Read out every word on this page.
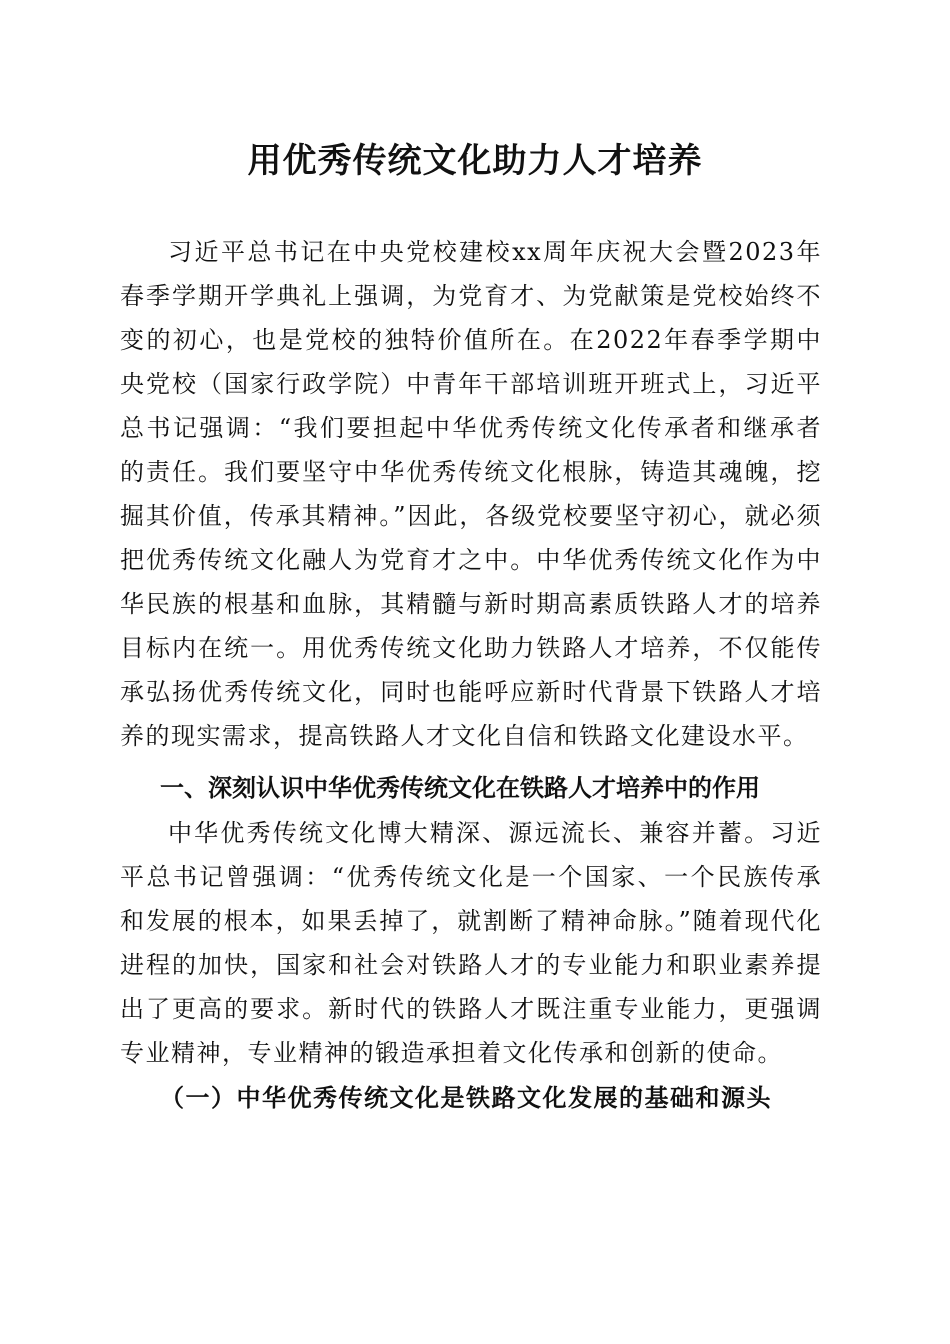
用优秀传统文化助力人才培养

习近平总书记在中央党校建校xx周年庆祝大会暨2023年春季学期开学典礼上强调，为党育才、为党献策是党校始终不变的初心，也是党校的独特价值所在。在2022年春季学期中央党校（国家行政学院）中青年干部培训班开班式上，习近平总书记强调：“我们要担起中华优秀传统文化传承者和继承者的责任。我们要坚守中华优秀传统文化根脉，铸造其魂魄，挖掘其价值，传承其精神。”因此，各级党校要坚守初心，就必须把优秀传统文化融人为党育才之中。中华优秀传统文化作为中华民族的根基和血脉，其精髓与新时期高素质铁路人才的培养目标内在统一。用优秀传统文化助力铁路人才培养，不仅能传承弘扬优秀传统文化，同时也能呼应新时代背景下铁路人才培养的现实需求，提高铁路人才文化自信和铁路文化建设水平。

一、深刻认识中华优秀传统文化在铁路人才培养中的作用

中华优秀传统文化博大精深、源远流长、兼容并蓄。习近平总书记曾强调：“优秀传统文化是一个国家、一个民族传承和发展的根本，如果丢掉了，就割断了精神命脉。”随着现代化进程的加快，国家和社会对铁路人才的专业能力和职业素养提出了更高的要求。新时代的铁路人才既注重专业能力，更强调专业精神，专业精神的锻造承担着文化传承和创新的使命。

（一）中华优秀传统文化是铁路文化发展的基础和源头
